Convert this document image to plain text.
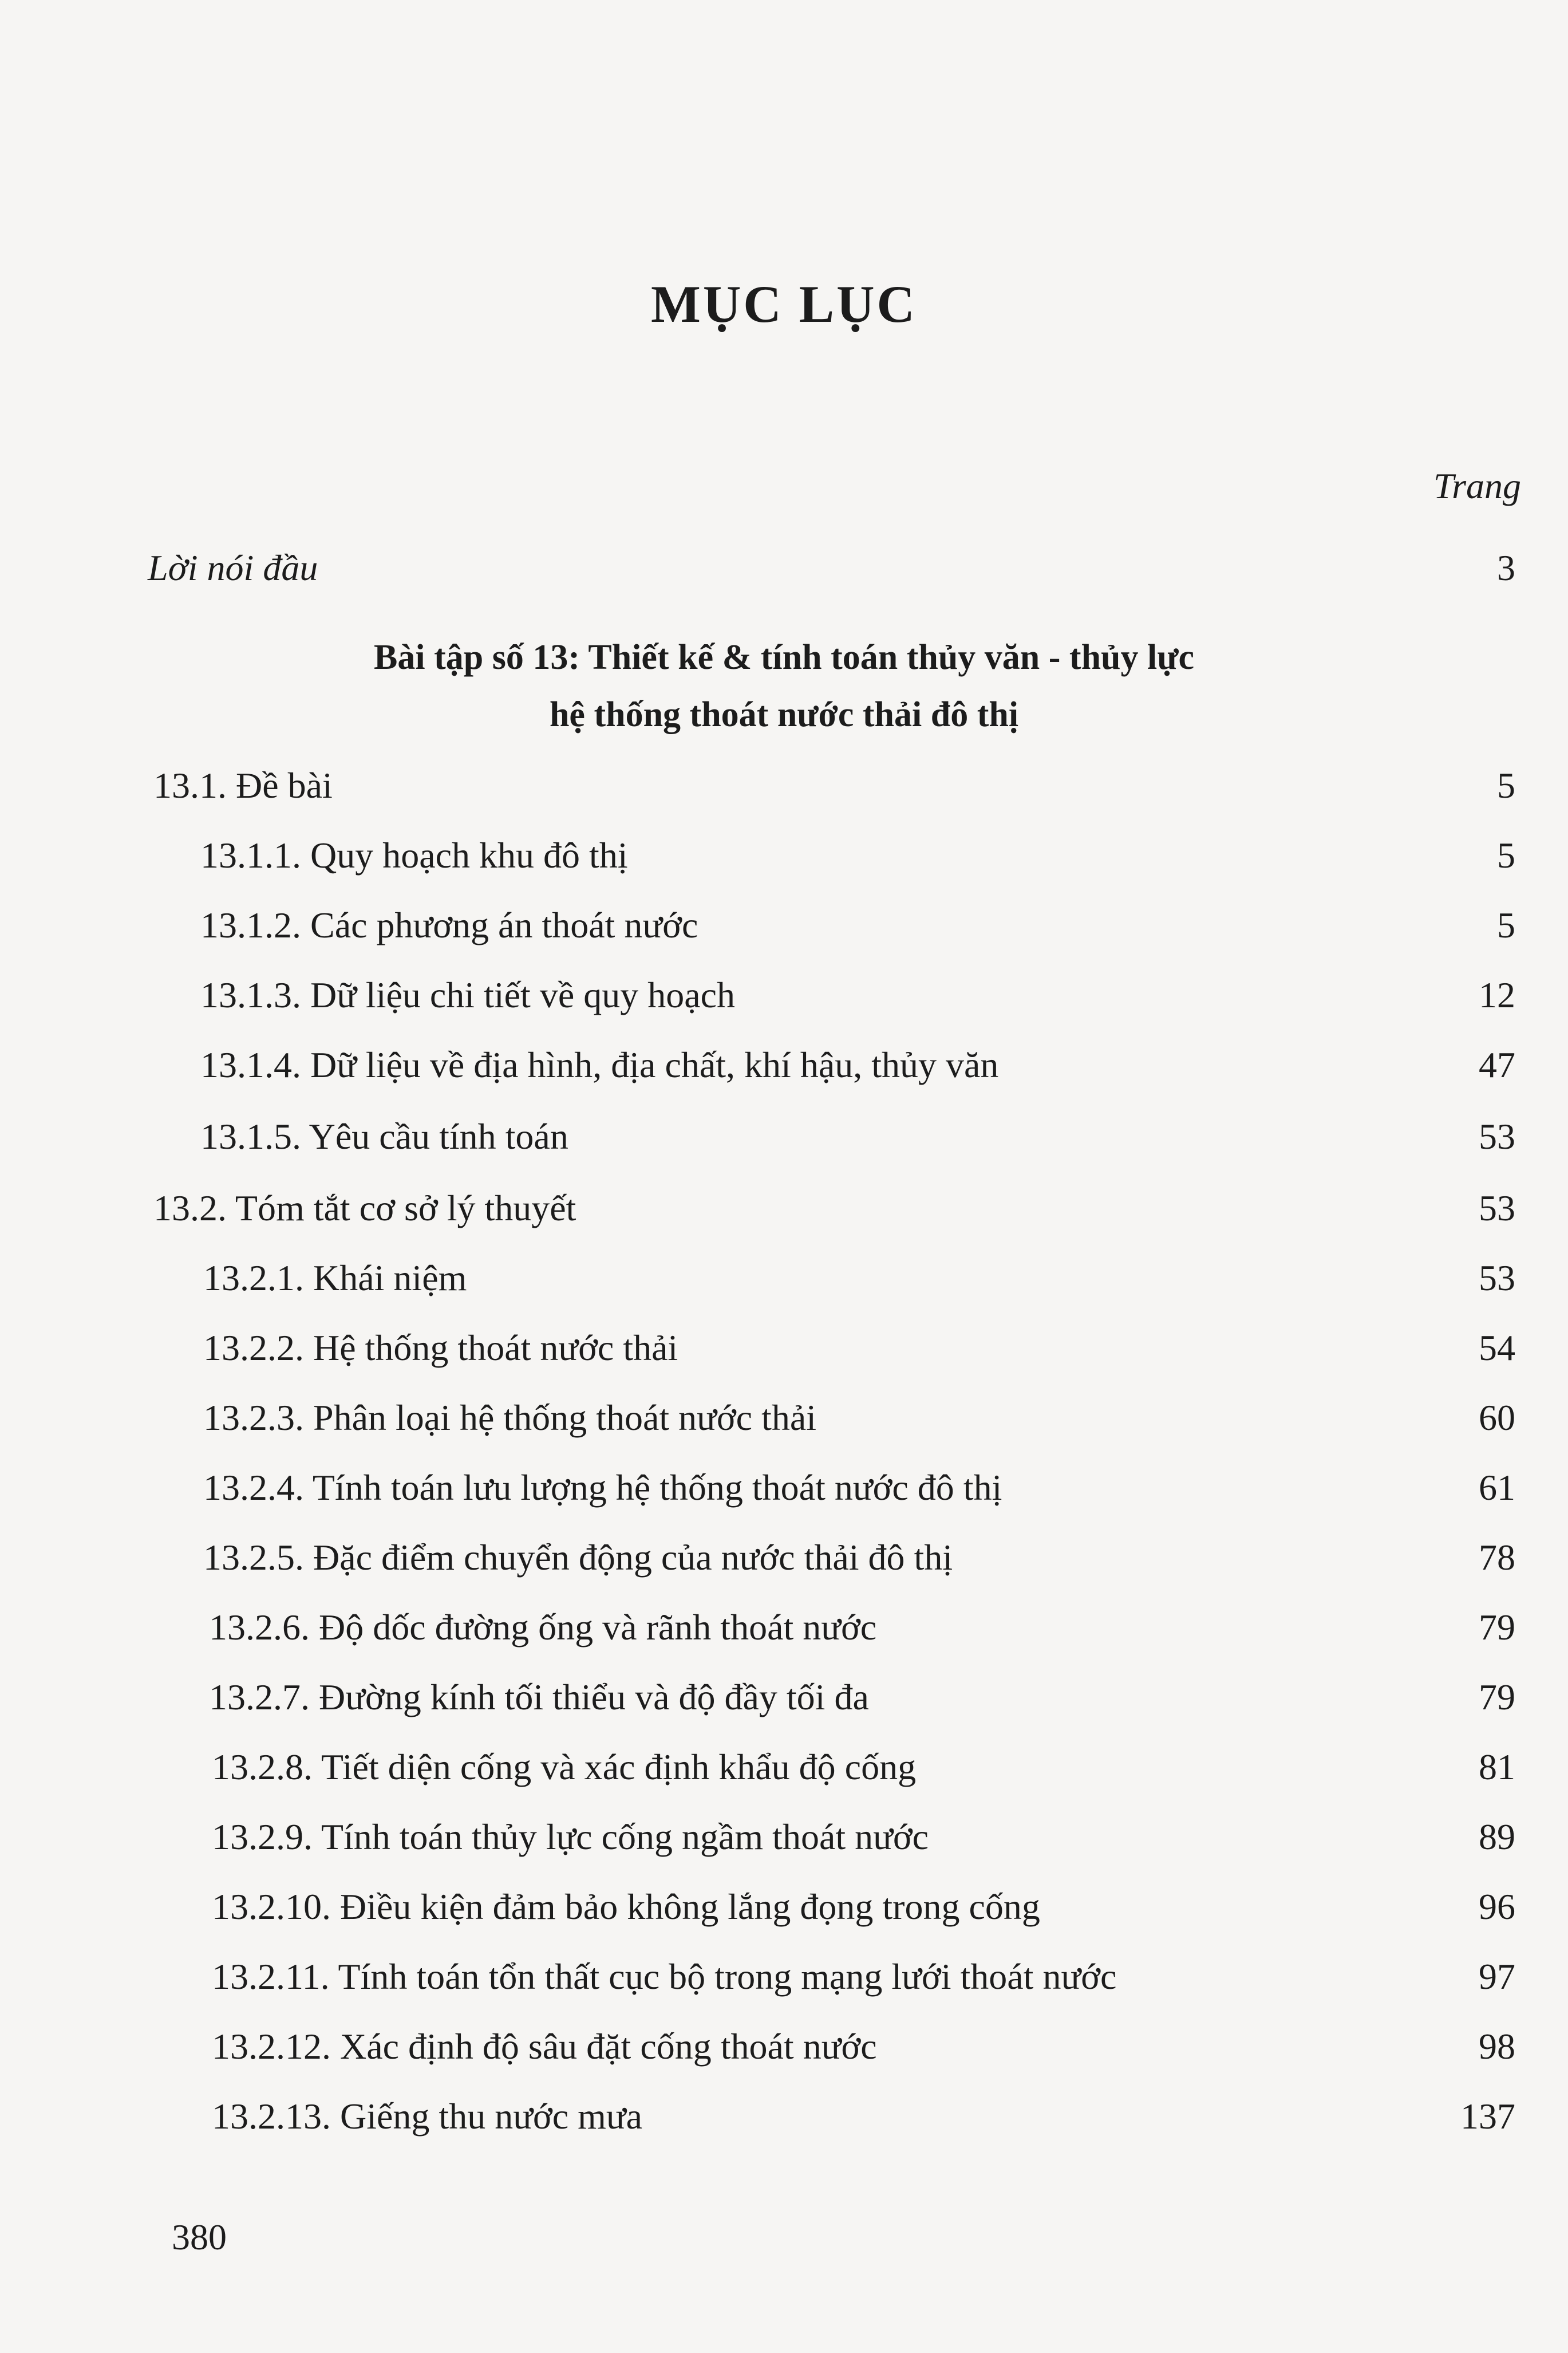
MỤC LỤC
Trang
Lời nói đầu	3
Bài tập số 13: Thiết kế & tính toán thủy văn - thủy lực
hệ thống thoát nước thải đô thị
13.1. Đề bài	5
13.1.1. Quy hoạch khu đô thị	5
13.1.2. Các phương án thoát nước	5
13.1.3. Dữ liệu chi tiết về quy hoạch	12
13.1.4. Dữ liệu về địa hình, địa chất, khí hậu, thủy văn	47
13.1.5. Yêu cầu tính toán	53
13.2. Tóm tắt cơ sở lý thuyết	53
13.2.1. Khái niệm	53
13.2.2. Hệ thống thoát nước thải	54
13.2.3. Phân loại hệ thống thoát nước thải	60
13.2.4. Tính toán lưu lượng hệ thống thoát nước đô thị	61
13.2.5. Đặc điểm chuyển động của nước thải đô thị	78
13.2.6. Độ dốc đường ống và rãnh thoát nước	79
13.2.7. Đường kính tối thiểu và độ đầy tối đa	79
13.2.8. Tiết diện cống và xác định khẩu độ cống	81
13.2.9. Tính toán thủy lực cống ngầm thoát nước	89
13.2.10. Điều kiện đảm bảo không lắng đọng trong cống	96
13.2.11. Tính toán tổn thất cục bộ trong mạng lưới thoát nước	97
13.2.12. Xác định độ sâu đặt cống thoát nước	98
13.2.13. Giếng thu nước mưa	137
380
